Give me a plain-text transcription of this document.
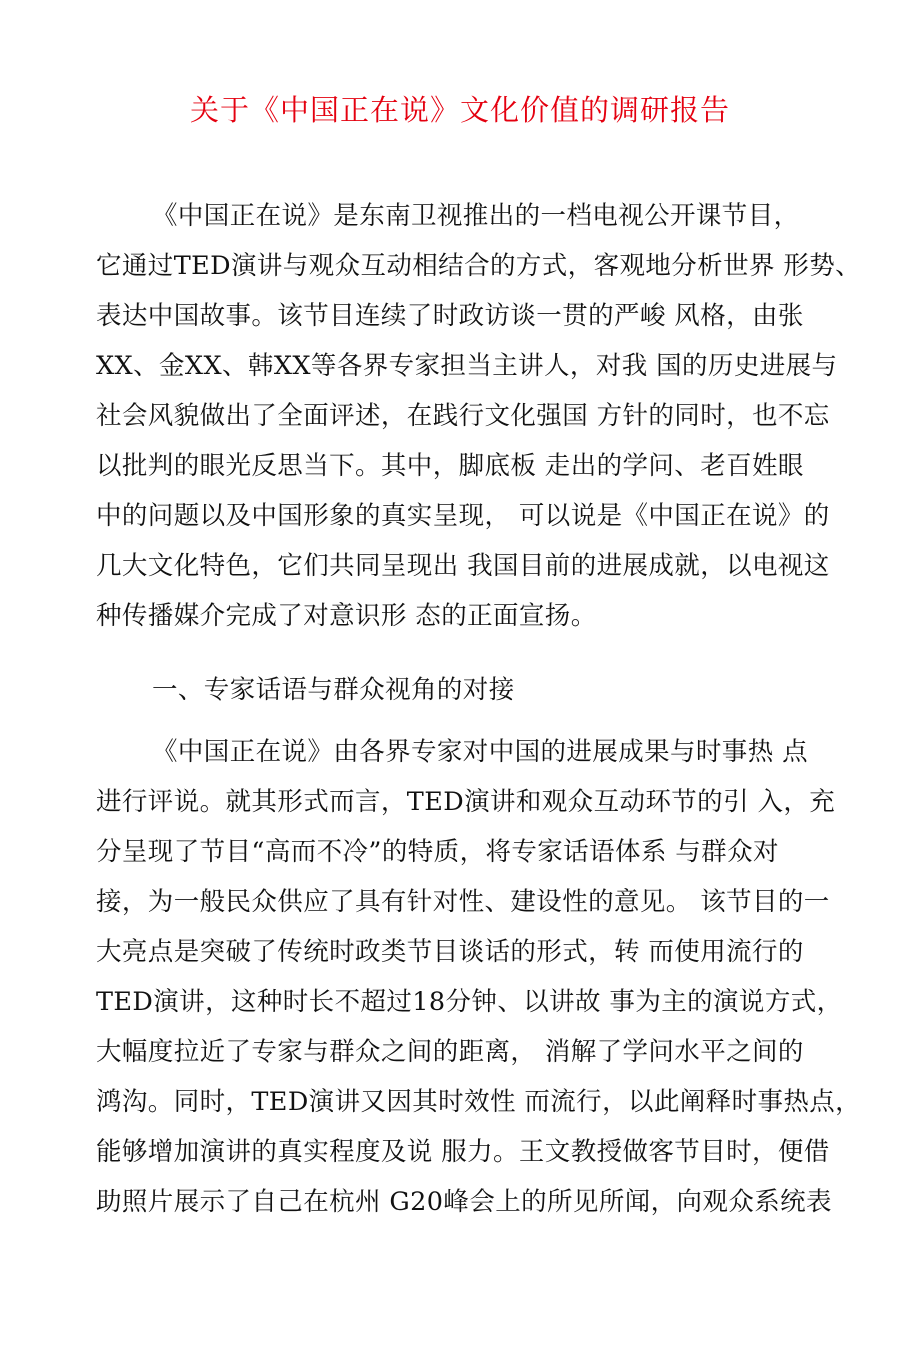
关于《中国正在说》文化价值的调研报告
《中国正在说》是东南卫视推出的一档电视公开课节目，
它通过TED演讲与观众互动相结合的方式，客观地分析世界 形势、
表达中国故事。该节目连续了时政访谈一贯的严峻 风格，由张
XX、金XX、韩XX等各界专家担当主讲人，对我 国的历史进展与
社会风貌做出了全面评述，在践行文化强国 方针的同时，也不忘
以批判的眼光反思当下。其中，脚底板 走出的学问、老百姓眼
中的问题以及中国形象的真实呈现， 可以说是《中国正在说》的
几大文化特色，它们共同呈现出 我国目前的进展成就，以电视这
种传播媒介完成了对意识形 态的正面宣扬。
一、专家话语与群众视角的对接
《中国正在说》由各界专家对中国的进展成果与时事热 点
进行评说。就其形式而言，TED演讲和观众互动环节的引 入，充
分呈现了节目“高而不冷”的特质，将专家话语体系 与群众对
接，为一般民众供应了具有针对性、建设性的意见。 该节目的一
大亮点是突破了传统时政类节目谈话的形式，转 而使用流行的
TED演讲，这种时长不超过18分钟、以讲故 事为主的演说方式，
大幅度拉近了专家与群众之间的距离， 消解了学问水平之间的
鸿沟。同时，TED演讲又因其时效性 而流行，以此阐释时事热点，
能够增加演讲的真实程度及说 服力。王文教授做客节目时，便借
助照片展示了自己在杭州 G20峰会上的所见所闻，向观众系统表
